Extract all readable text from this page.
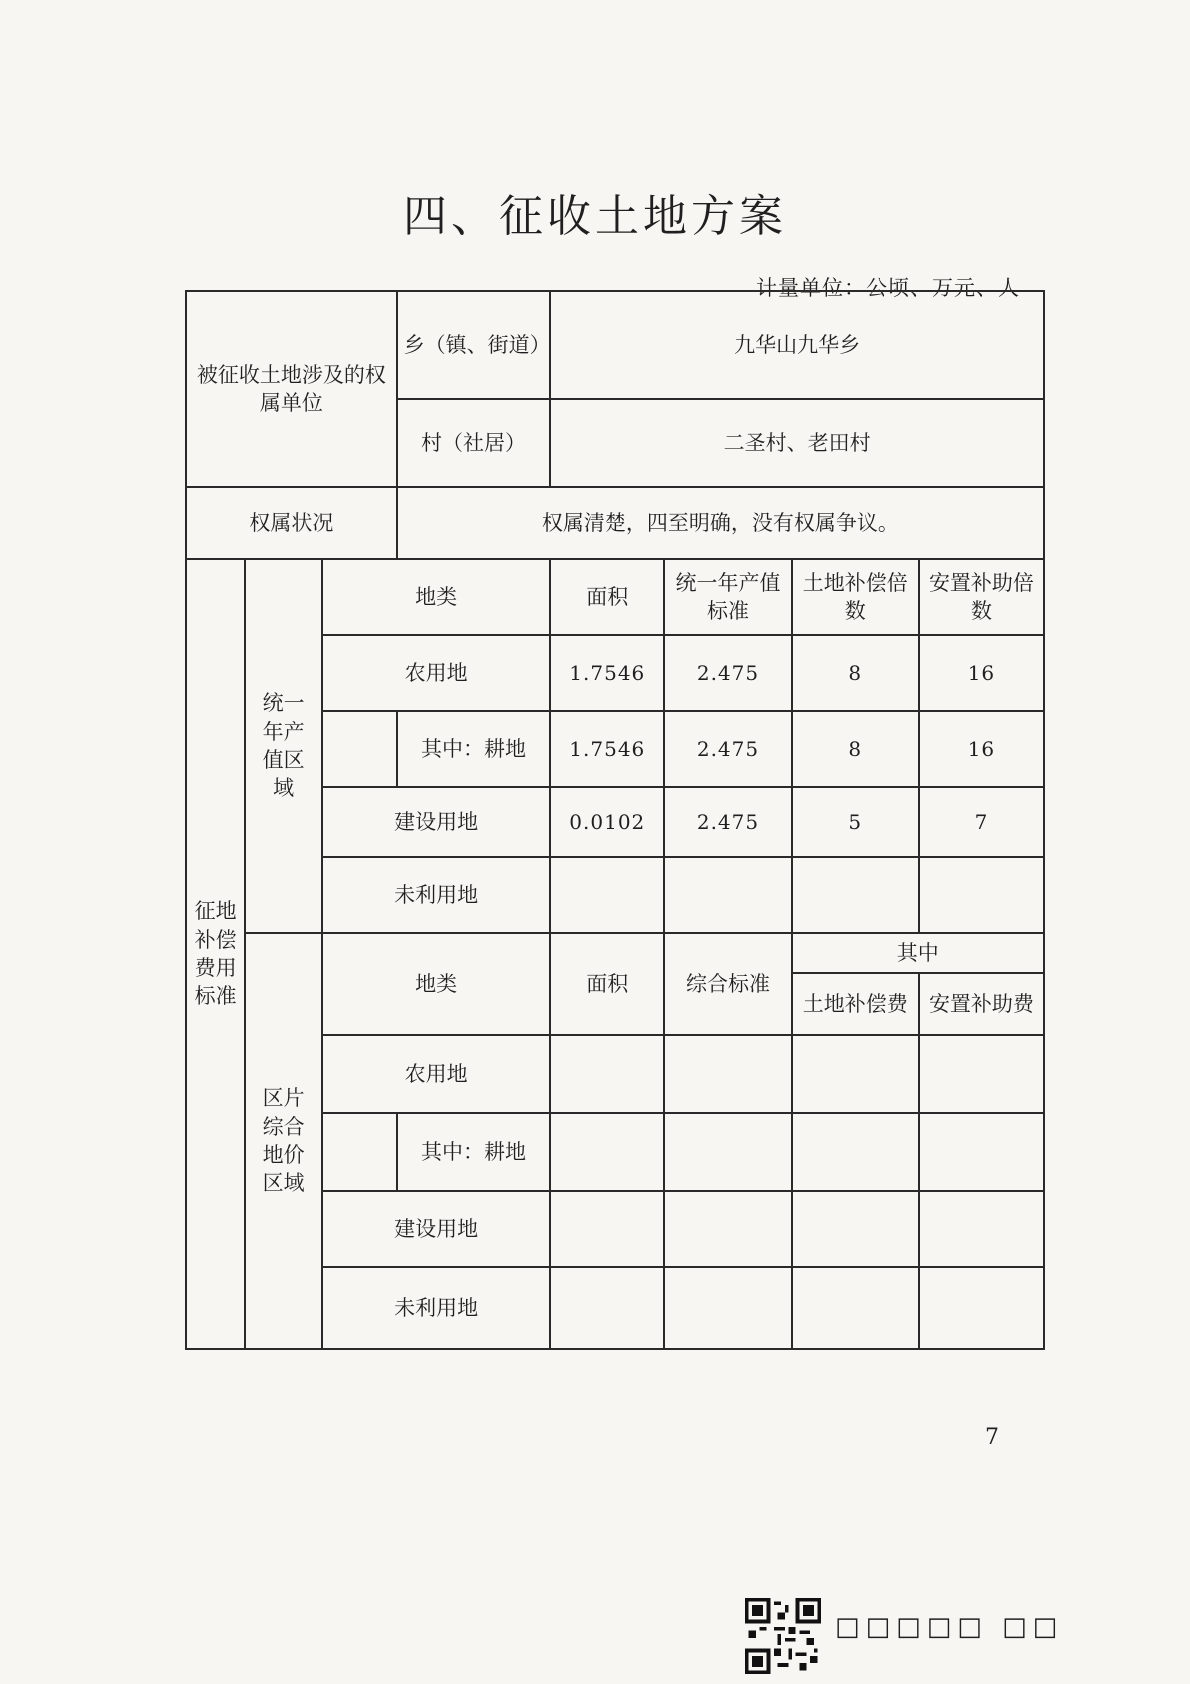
四、征收土地方案
计量单位：公顷、万元、人
被征收土地涉及的权属单位			乡（镇、街道）	九华山九华乡			
			村（社居）	二圣村、老田村			
权属状况			权属清楚，四至明确，没有权属争议。				
征地补偿费用标准	统一年产值区域	地类		面积	统一年产值标准	土地补偿倍数	安置补助倍数
		农用地		1.7546	2.475	8	16
			其中：耕地	1.7546	2.475	8	16
		建设用地		0.0102	2.475	5	7
		未利用地					
	区片综合地价区域	地类		面积	综合标准	其中	
						土地补偿费	安置补助费
		农用地					
			其中：耕地				
		建设用地					
		未利用地					
7
□□□□□ □□
